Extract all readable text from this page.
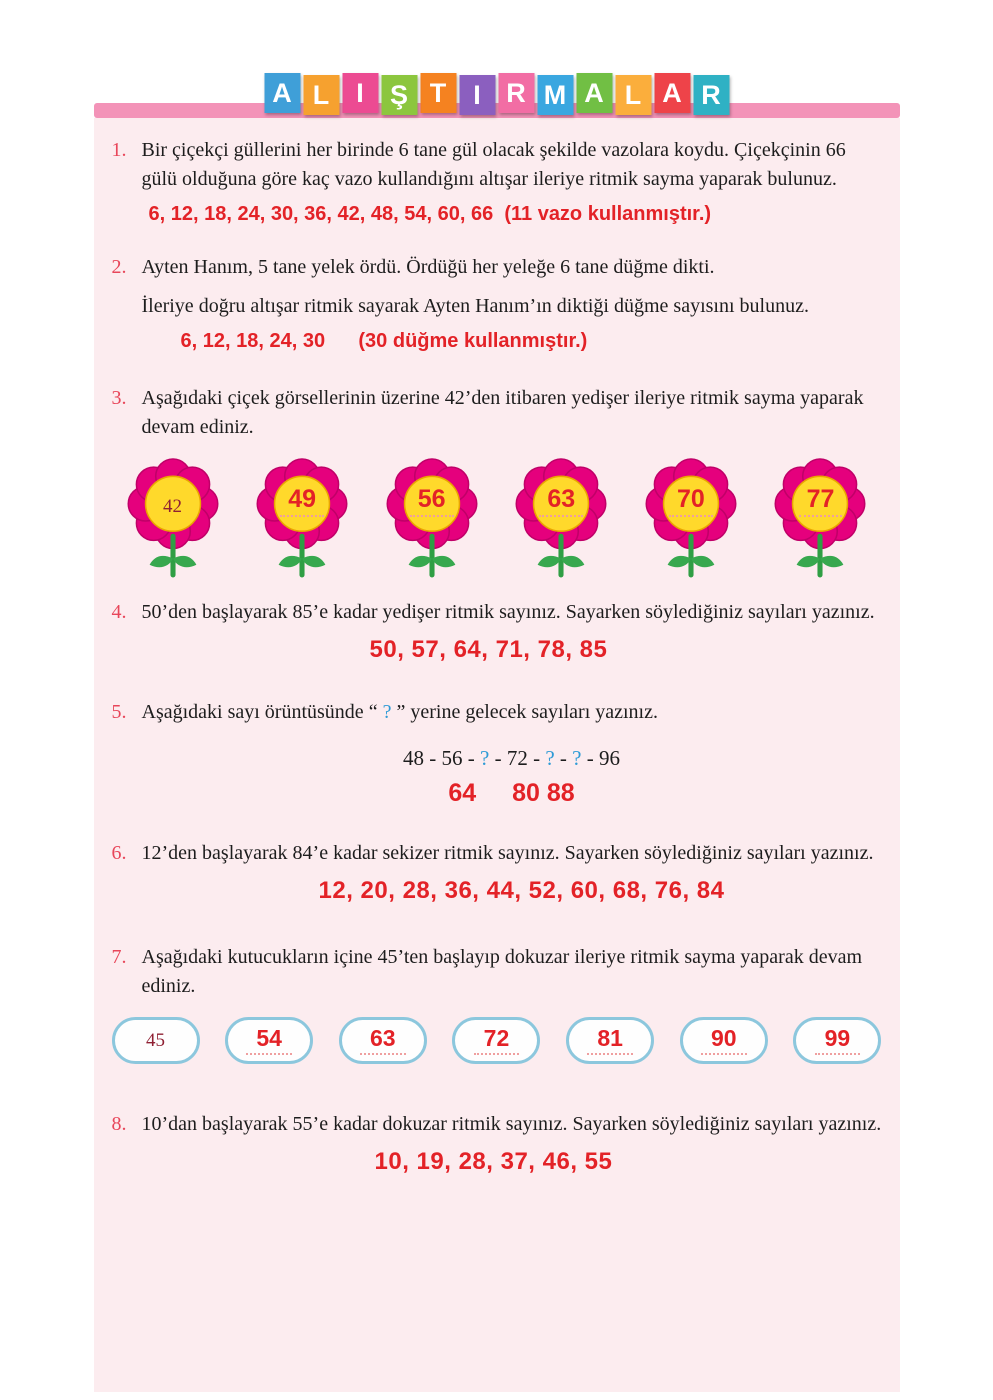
A L I Ş T I R M A L A R
1. Bir çiçekçi güllerini her birinde 6 tane gül olacak şekilde vazolara koydu. Çiçekçinin 66 gülü olduğuna göre kaç vazo kullandığını altışar ileriye ritmik sayma yaparak bulunuz.

6, 12, 18, 24, 30, 36, 42, 48, 54, 60, 66  (11 vazo kullanmıştır.)

2. Ayten Hanım, 5 tane yelek ördü. Ördüğü her yeleğe 6 tane düğme dikti.

İleriye doğru altışar ritmik sayarak Ayten Hanım’ın diktiği düğme sayısını bulunuz.

6, 12, 18, 24, 30      (30 düğme kullanmıştır.)

3. Aşağıdaki çiçek görsellerinin üzerine 42’den itibaren yedişer ileriye ritmik sayma yaparak devam ediniz.

42	49	56	63	70	77
4. 50’den başlayarak 85’e kadar yedişer ritmik sayınız. Sayarken söylediğiniz sayıları yazınız.

50, 57, 64, 71, 78, 85

5. Aşağıdaki sayı örüntüsünde “ ? ” yerine gelecek sayıları yazınız.

48 - 56 - ? - 72 - ? - ? - 96

64 80 88

6. 12’den başlayarak 84’e kadar sekizer ritmik sayınız. Sayarken söylediğiniz sayıları yazınız.

12, 20, 28, 36, 44, 52, 60, 68, 76, 84

7. Aşağıdaki kutucukların içine 45’ten başlayıp dokuzar ileriye ritmik sayma yaparak devam ediniz.

45	54	63	72	81	90	99
8. 10’dan başlayarak 55’e kadar dokuzar ritmik sayınız. Sayarken söylediğiniz sayıları yazınız.

10, 19, 28, 37, 46, 55
